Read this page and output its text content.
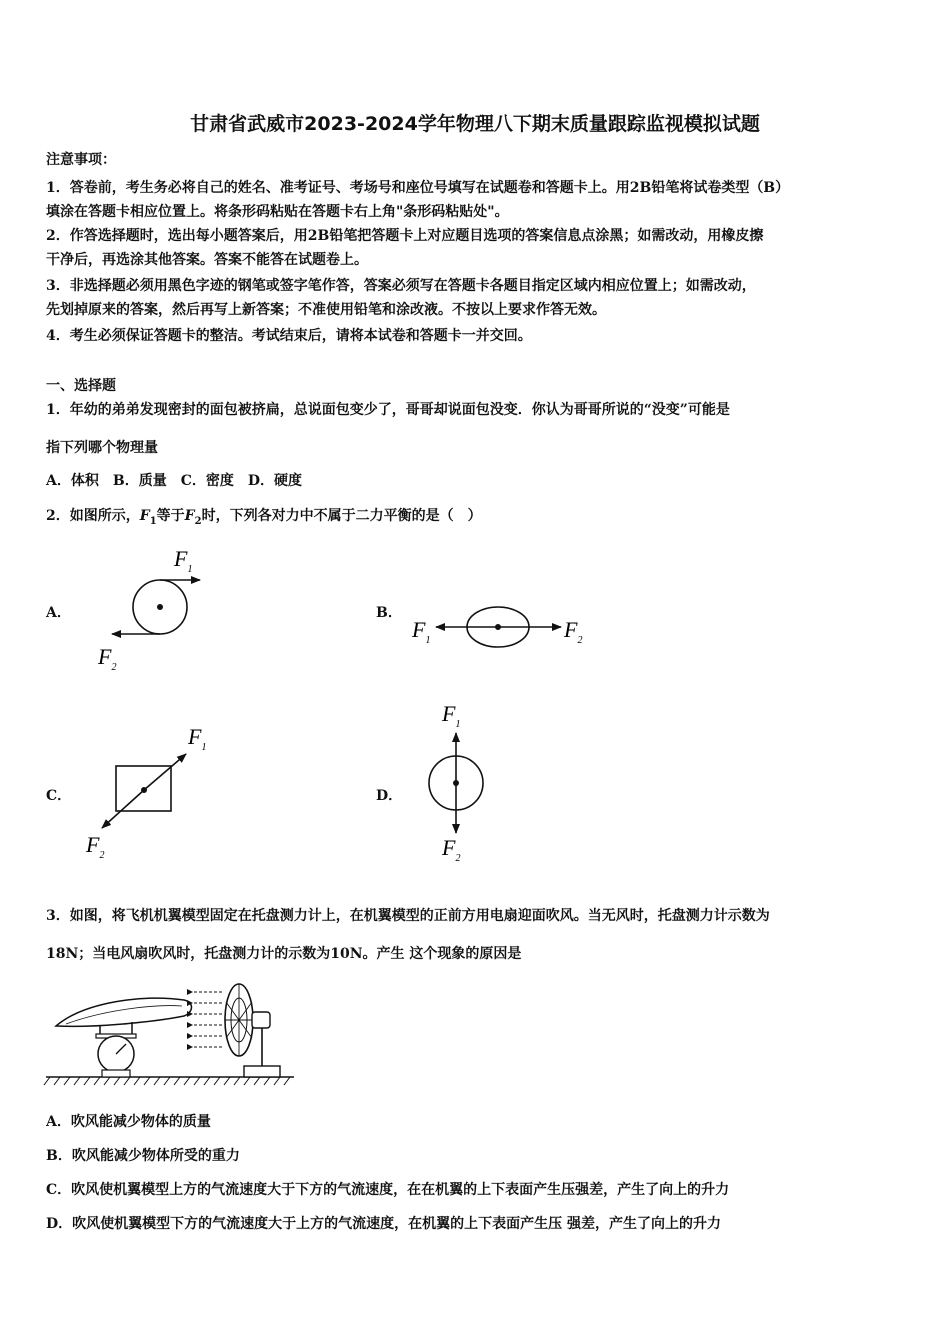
甘肃省武威市2023-2024学年物理八下期末质量跟踪监视模拟试题
注意事项：
1．答卷前，考生务必将自己的姓名、准考证号、考场号和座位号填写在试题卷和答题卡上。用2B铅笔将试卷类型（B）
填涂在答题卡相应位置上。将条形码粘贴在答题卡右上角"条形码粘贴处"。
2．作答选择题时，选出每小题答案后，用2B铅笔把答题卡上对应题目选项的答案信息点涂黑；如需改动，用橡皮擦
干净后，再选涂其他答案。答案不能答在试题卷上。
3．非选择题必须用黑色字迹的钢笔或签字笔作答，答案必须写在答题卡各题目指定区域内相应位置上；如需改动，
先划掉原来的答案，然后再写上新答案；不准使用铅笔和涂改液。不按以上要求作答无效。
4．考生必须保证答题卡的整洁。考试结束后，请将本试卷和答题卡一并交回。
一、选择题
1．年幼的弟弟发现密封的面包被挤扁，总说面包变少了，哥哥却说面包没变．你认为哥哥所说的“没变”可能是
指下列哪个物理量
A．体积　B．质量　C．密度　D．硬度
2．如图所示，$F_1$等于$F_2$时，下列各对力中不属于二力平衡的是（　）
A．
$F_1$
$F_2$
B．
$F_1$	$F_2$
C．
$F_1$
$F_2$
D．
$F_1$
$F_2$
3．如图，将飞机机翼模型固定在托盘测力计上，在机翼模型的正前方用电扇迎面吹风。当无风时，托盘测力计示数为
18N；当电风扇吹风时，托盘测力计的示数为10N。产生 这个现象的原因是
A．吹风能减少物体的质量
B．吹风能减少物体所受的重力
C．吹风使机翼模型上方的气流速度大于下方的气流速度，在在机翼的上下表面产生压强差，产生了向上的升力
D．吹风使机翼模型下方的气流速度大于上方的气流速度，在机翼的上下表面产生压 强差，产生了向上的升力
